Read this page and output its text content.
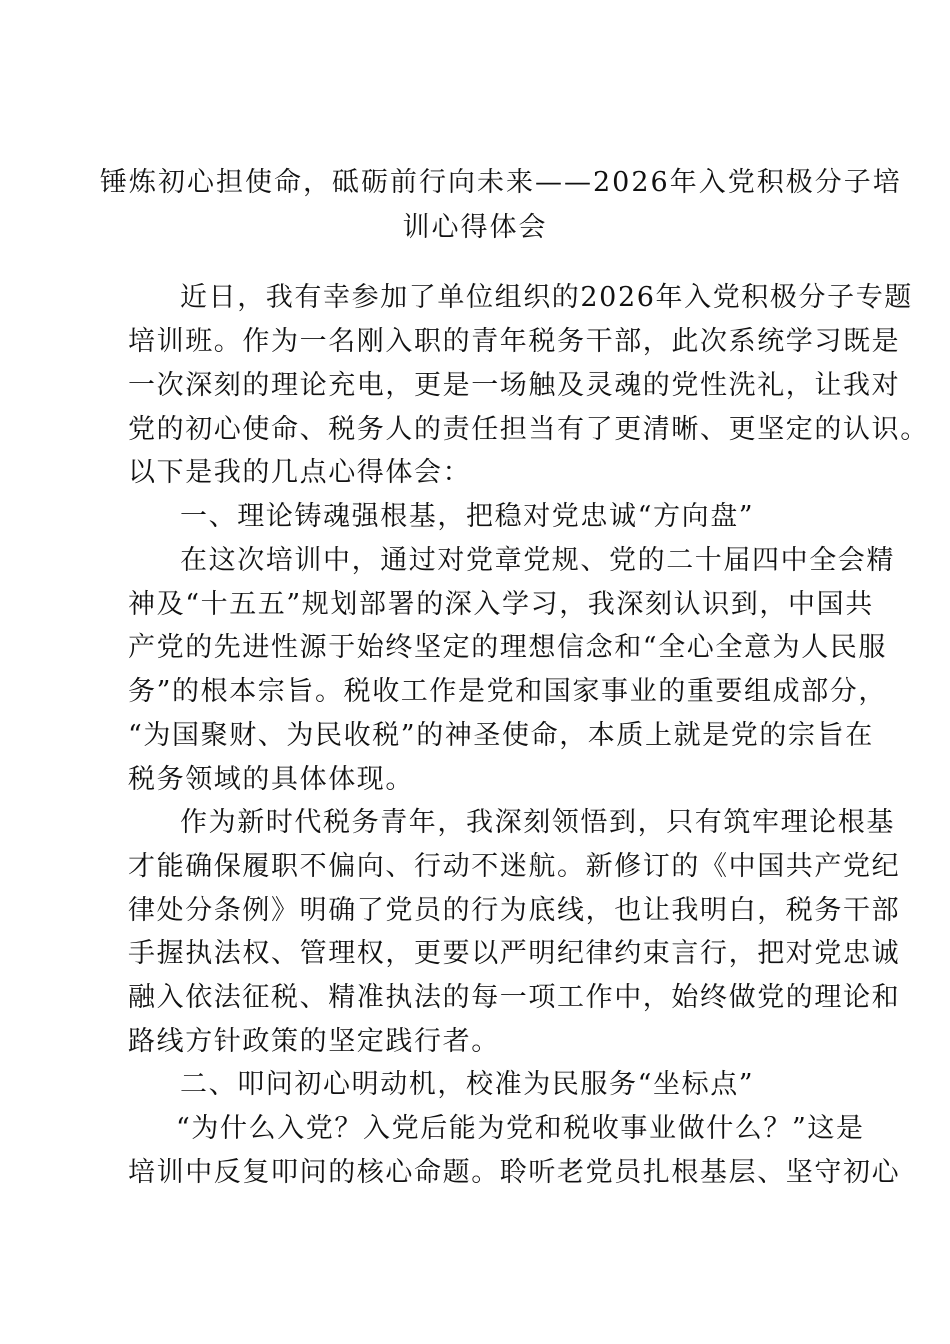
锤炼初心担使命，砥砺前行向未来——2026年入党积极分子培
训心得体会
近日，我有幸参加了单位组织的2026年入党积极分子专题
培训班。作为一名刚入职的青年税务干部，此次系统学习既是
一次深刻的理论充电，更是一场触及灵魂的党性洗礼，让我对
党的初心使命、税务人的责任担当有了更清晰、更坚定的认识。
以下是我的几点心得体会：
一、理论铸魂强根基，把稳对党忠诚“方向盘”
在这次培训中，通过对党章党规、党的二十届四中全会精
神及“十五五”规划部署的深入学习，我深刻认识到，中国共
产党的先进性源于始终坚定的理想信念和“全心全意为人民服
务”的根本宗旨。税收工作是党和国家事业的重要组成部分，
“为国聚财、为民收税”的神圣使命，本质上就是党的宗旨在
税务领域的具体体现。
作为新时代税务青年，我深刻领悟到，只有筑牢理论根基
才能确保履职不偏向、行动不迷航。新修订的《中国共产党纪
律处分条例》明确了党员的行为底线，也让我明白，税务干部
手握执法权、管理权，更要以严明纪律约束言行，把对党忠诚
融入依法征税、精准执法的每一项工作中，始终做党的理论和
路线方针政策的坚定践行者。
二、叩问初心明动机，校准为民服务“坐标点”
“为什么入党？入党后能为党和税收事业做什么？”这是
培训中反复叩问的核心命题。聆听老党员扎根基层、坚守初心
